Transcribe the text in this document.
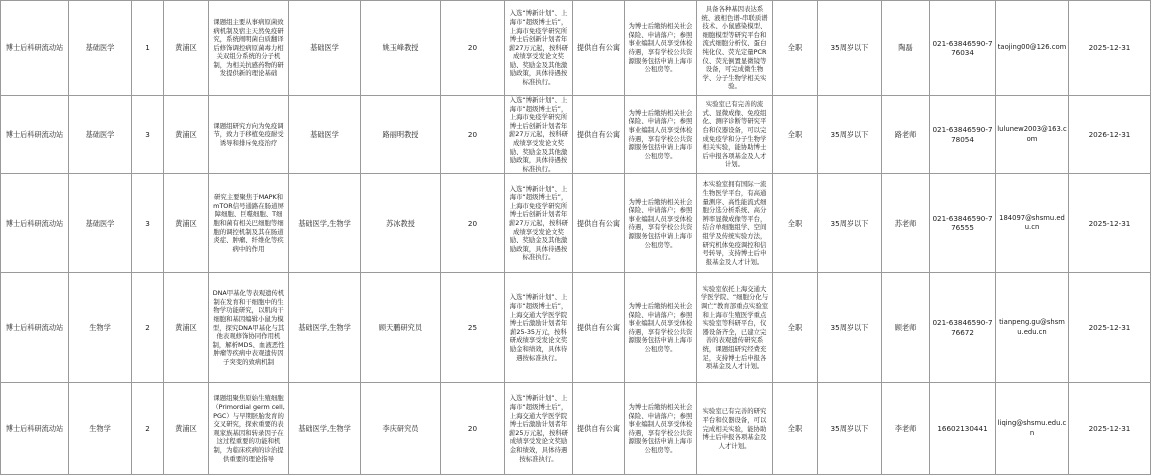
博士后科研流动站	基础医学	1	黄浦区	课题组主要从事病原菌致病机制及宿主天然免疫研究，系统阐明菌白质翻译后修饰调控病原菌毒力相关双组分系统的分子机制，为相关抗感药物的研发提供新的理论基础	基础医学	姚玉峰教授	20	入选“博新计划”、上海市“超级博士后”，上海市免疫学研究所博士后创新计划者年薪27万元起，按科研成绩享受发论文奖励、奖励金及其他激励政策，具体待遇按标准执行。	提供自有公寓	为博士后缴纳相关社会保险、申请落户；参照事业编制人员享受体检待遇，享有学校公共资源服务包括申请上海市公租房等。	具备各种基因表达系统、液相色谱-串联质谱技术、小鼠感染模型、细胞模型等研究平台和流式细胞分析仪、蛋白纯化仪、荧光定量PCR仪、荧光倒置显微镜等设备，可完成微生物学、分子生物学相关实验。	全职	35周岁以下	陶磊	021-63846590-776034	taojing00@126.com	2025-12-31
博士后科研流动站	基础医学	3	黄浦区	课题组研究方向为免疫调节，致力于移植免疫耐受诱导和排斥免疫治疗	基础医学	路丽明教授	20	入选“博新计划”、上海市“超级博士后”，上海市免疫学研究所博士后创新计划者年薪27万元起，按科研成绩享受发论文奖励、奖励金及其他激励政策，具体待遇按标准执行。	提供自有公寓	为博士后缴纳相关社会保险、申请落户；参照事业编制人员享受体检待遇，享有学校公共资源服务包括申请上海市公租房等。	实验室已有完善的流式、显微成像、免疫组化、测序诊断等研究平台和仪器设备，可以完成免疫学和分子生物学相关实验，能协助博士后申报各项基金及人才计划。	全职	35周岁以下	路老师	021-63846590-778054	lulunew2003@163.com	2026-12-31
博士后科研流动站	基础医学	3	黄浦区	研究主要聚焦于MAPK和mTOR信号通路在肠道屏障细胞、巨噬细胞、T细胞和菌有相关巴细胞等细胞的调控机制及其在肠道炎症、肿瘤、纤维化等疾病中的作用	基础医学,生物学	苏冰教授	20	入选“博新计划”、上海市“超级博士后”，上海市免疫学研究所博士后创新计划者年薪27万元起，按科研成绩享受发论文奖励、奖励金及其他激励政策，具体待遇按标准执行。	提供自有公寓	为博士后缴纳相关社会保险、申请落户；参照事业编制人员享受体检待遇，享有学校公共资源服务包括申请上海市公租房等。	本实验室拥有国际一流生物医学平台，有高通量测序、高性能流式细胞分选分析系统、高分辨率显微成像等平台，结合单细胞组学、空间组学及传统实验方法，研究机体免疫调控和信号转导，支持博士后申报基金及人才计划。	全职	35周岁以下	苏老师	021-63846590-776555	184097@shsmu.edu.cn	2025-12-31
博士后科研流动站	生物学	2	黄浦区	DNA甲基化等表观遗传机制在发育和干细胞中的生物学功能研究，以肌肉干细胞和基因编辑小鼠为模型，探究DNA甲基化与其他表观修饰协同作用机制，解析MDS、血液恶性肿瘤等疾病中表观遗传因子突变的致病机制	基础医学,生物学	顾天鹏研究员	25	入选“博新计划”、上海市“超级博士后”，上海交通大学医学院博士后激励计划者年薪25-35万元，按科研成绩享受发论文奖励金和绩效，具体待遇按标准执行。	提供自有公寓	为博士后缴纳相关社会保险、申请落户；参照事业编制人员享受体检待遇，享有学校公共资源服务包括申请上海市公租房等。	实验室依托上海交通大学医学院、“细胞分化与调亡”教育部重点实验室和上海市生殖医学重点实验室等科研平台，仪器设备齐全，已建立完善的表观遗传研究系统，课题组研究经费充足，支持博士后申报各项基金及人才计划。	全职	35周岁以下	顾老师	021-63846590-776672	tianpeng.gu@shsmu.edu.cn	2025-12-31
博士后科研流动站	生物学	2	黄浦区	课题组聚焦原始生殖细胞（Primordial germ cell, PGC）与早期胚胎发育的交叉研究，探索重要的表观家族基因和转录因子在这过程重要的功能和机制，为临床疾病的诊治提供重要的理论指导	基础医学,生物学	李庆研究员	20	入选“博新计划”、上海市“超级博士后”，上海交通大学医学院博士后激励计划者年薪25万元起，按科研成绩享受发论文奖励金和绩效，具体待遇按标准执行。	提供自有公寓	为博士后缴纳相关社会保险、申请落户；参照事业编制人员享受体检待遇，享有学校公共资源服务包括申请上海市公租房等。	实验室已有完善的研究平台和仪器设备，可以完成相关实验，能协助博士后申报各项基金及人才计划。	全职	35周岁以下	李老师	16602130441	liqing@shsmu.edu.cn	2025-12-31
